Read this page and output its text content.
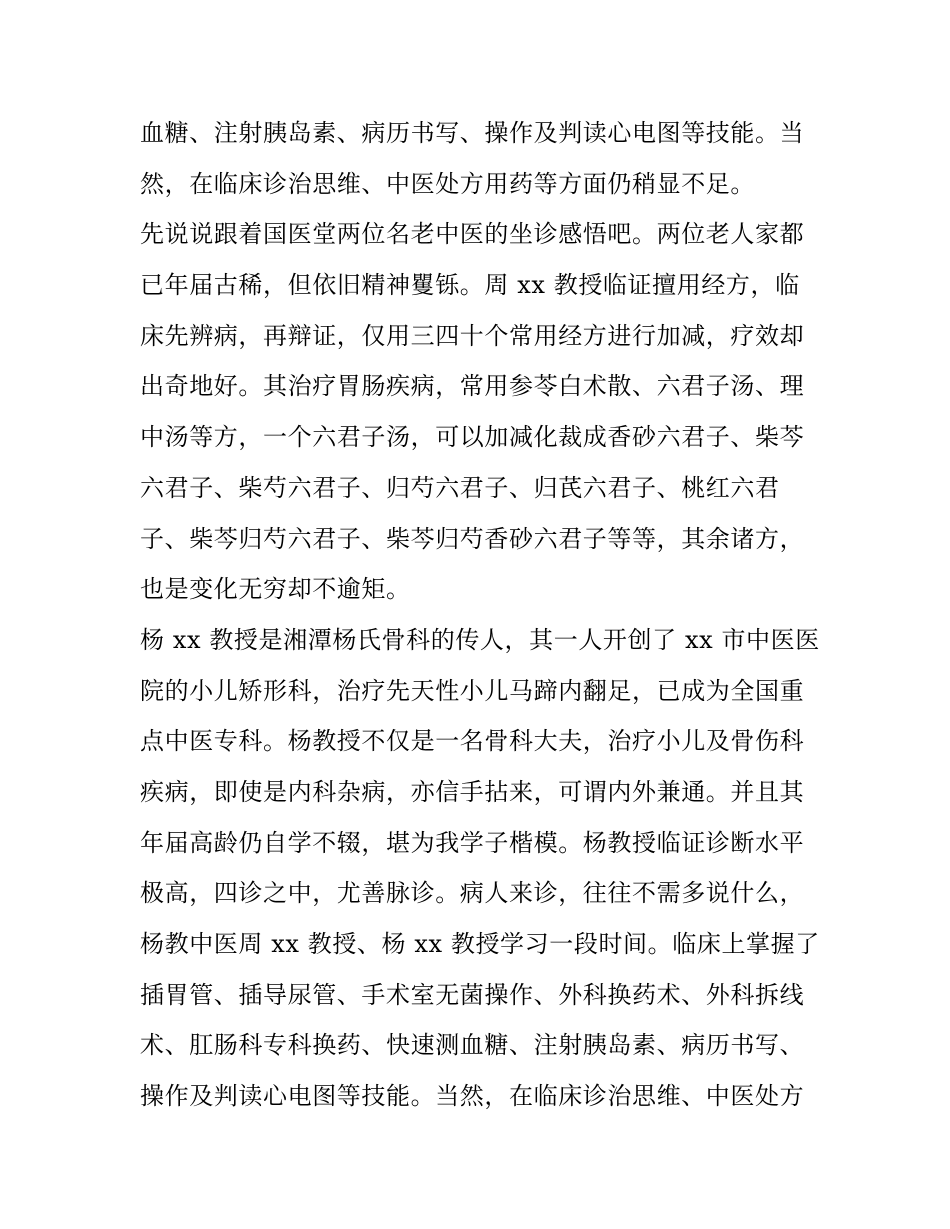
血糖、注射胰岛素、病历书写、操作及判读心电图等技能。当
然，在临床诊治思维、中医处方用药等方面仍稍显不足。
先说说跟着国医堂两位名老中医的坐诊感悟吧。两位老人家都
已年届古稀，但依旧精神矍铄。周 xx 教授临证擅用经方，临
床先辨病，再辩证，仅用三四十个常用经方进行加减，疗效却
出奇地好。其治疗胃肠疾病，常用参苓白术散、六君子汤、理
中汤等方，一个六君子汤，可以加减化裁成香砂六君子、柴芩
六君子、柴芍六君子、归芍六君子、归芪六君子、桃红六君
子、柴芩归芍六君子、柴芩归芍香砂六君子等等，其余诸方，
也是变化无穷却不逾矩。
杨 xx 教授是湘潭杨氏骨科的传人，其一人开创了 xx 市中医医
院的小儿矫形科，治疗先天性小儿马蹄内翻足，已成为全国重
点中医专科。杨教授不仅是一名骨科大夫，治疗小儿及骨伤科
疾病，即使是内科杂病，亦信手拈来，可谓内外兼通。并且其
年届高龄仍自学不辍，堪为我学子楷模。杨教授临证诊断水平
极高，四诊之中，尤善脉诊。病人来诊，往往不需多说什么，
杨教中医周 xx 教授、杨 xx 教授学习一段时间。临床上掌握了
插胃管、插导尿管、手术室无菌操作、外科换药术、外科拆线
术、肛肠科专科换药、快速测血糖、注射胰岛素、病历书写、
操作及判读心电图等技能。当然，在临床诊治思维、中医处方
